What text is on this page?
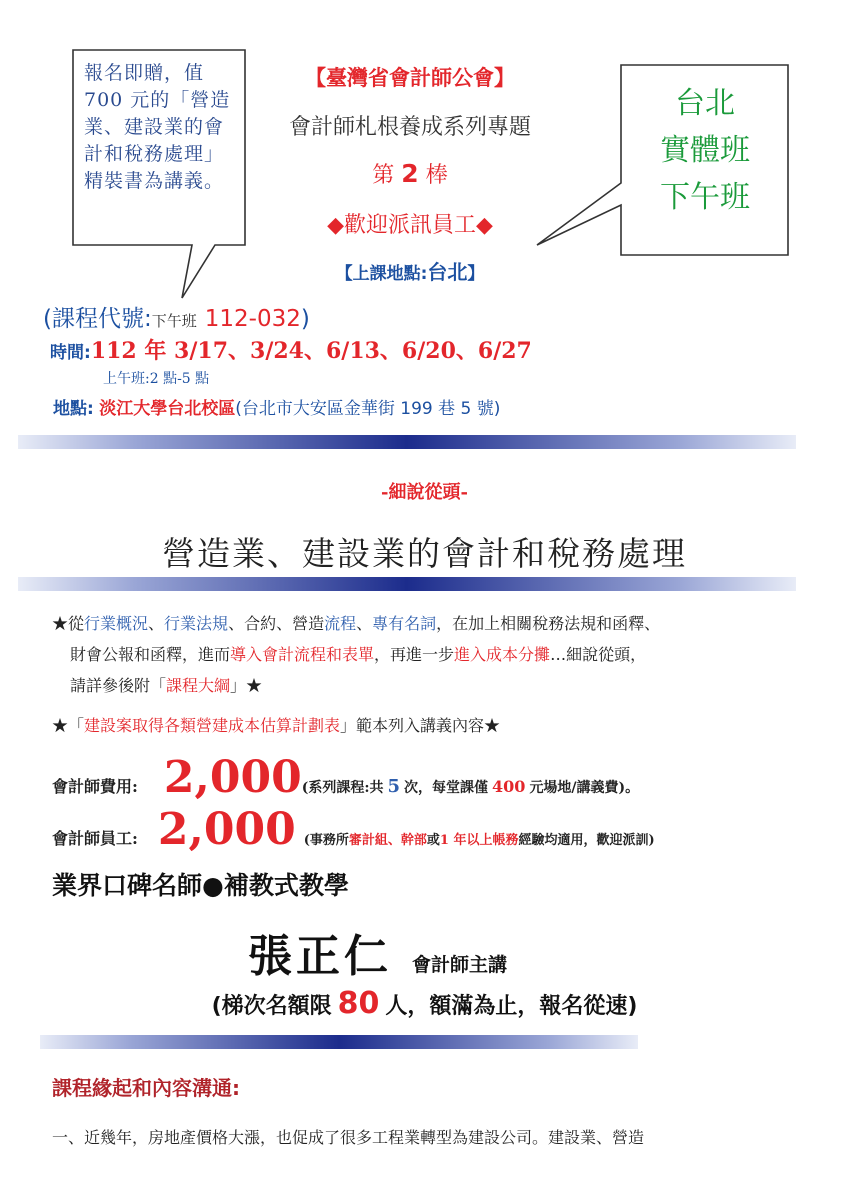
報名即贈，值700 元的「營造業、建設業的會計和稅務處理」精裝書為講義。
台北
實體班
下午班
【臺灣省會計師公會】
會計師札根養成系列專題
第 2 棒
◆歡迎派訊員工◆
【上課地點:台北】
(課程代號:下午班 112-032)
時間:112 年 3/17、3/24、6/13、6/20、6/27
上午班:2 點-5 點
地點: 淡江大學台北校區(台北市大安區金華街 199 巷 5 號)
-細說從頭-
營造業、建設業的會計和稅務處理
★從行業概況、行業法規、合約、營造流程、專有名詞，在加上相關稅務法規和函釋、
財會公報和函釋，進而導入會計流程和表單，再進一步進入成本分攤…細說從頭，
請詳參後附「課程大綱」★
★「建設案取得各類營建成本估算計劃表」範本列入講義內容★
會計師費用: 2,000 (系列課程:共 5 次，每堂課僅 400 元場地/講義費)。
會計師員工: 2,000 (事務所審計組、幹部或1 年以上帳務經驗均適用，歡迎派訓)
業界口碑名師●補教式教學
張正仁 會計師主講
(梯次名額限 80 人，額滿為止，報名從速)
課程緣起和內容溝通:
一、近幾年，房地產價格大漲，也促成了很多工程業轉型為建設公司。建設業、營造
